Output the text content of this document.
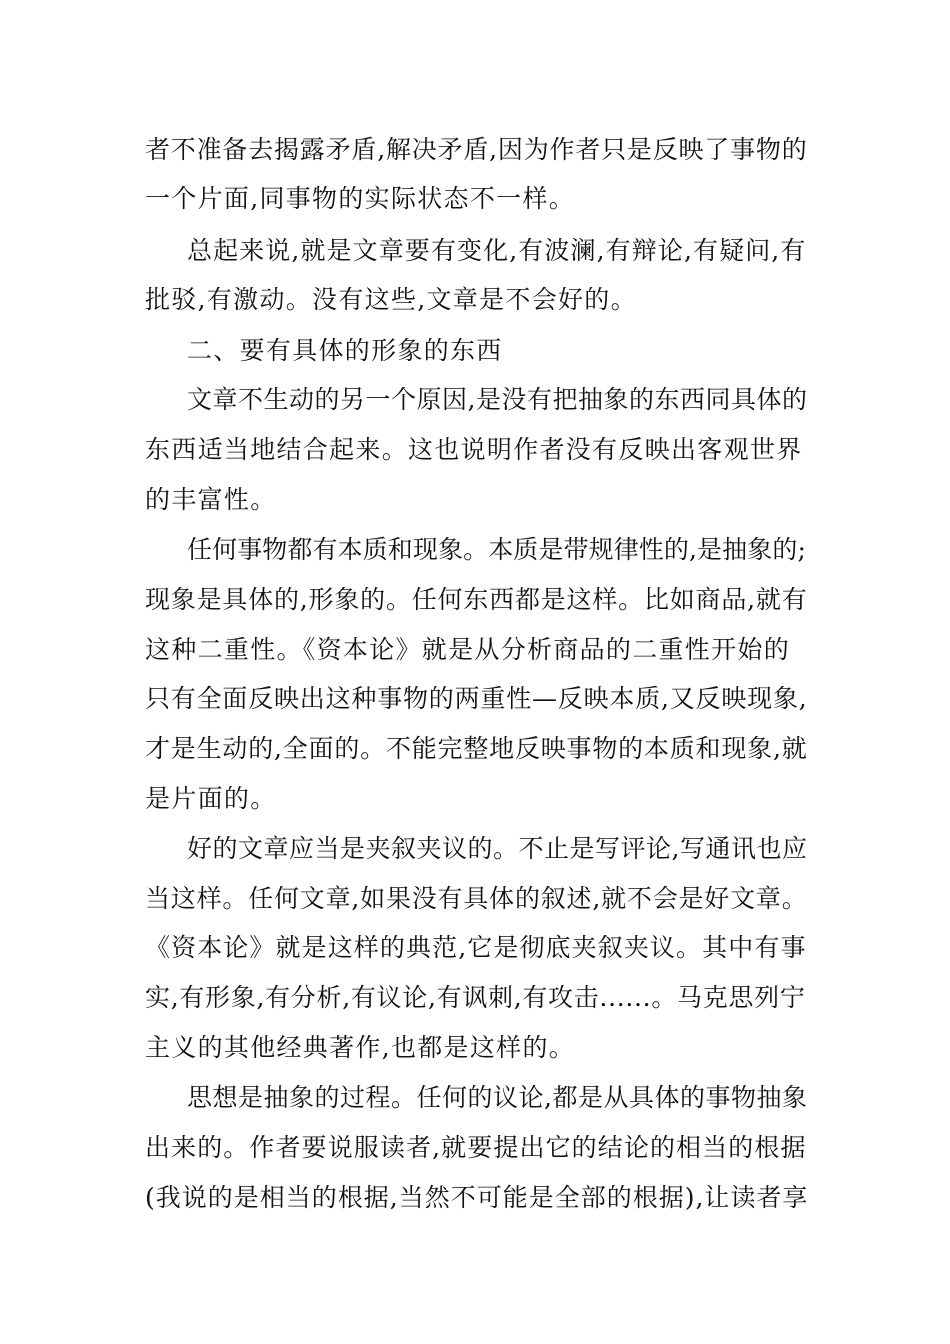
者不准备去揭露矛盾,解决矛盾,因为作者只是反映了事物的
一个片面,同事物的实际状态不一样。
总起来说,就是文章要有变化,有波澜,有辩论,有疑问,有
批驳,有激动。没有这些,文章是不会好的。
二、要有具体的形象的东西
文章不生动的另一个原因,是没有把抽象的东西同具体的
东西适当地结合起来。这也说明作者没有反映出客观世界
的丰富性。
任何事物都有本质和现象。本质是带规律性的,是抽象的;
现象是具体的,形象的。任何东西都是这样。比如商品,就有
这种二重性。《资本论》就是从分析商品的二重性开始的
只有全面反映出这种事物的两重性—反映本质,又反映现象,
才是生动的,全面的。不能完整地反映事物的本质和现象,就
是片面的。
好的文章应当是夹叙夹议的。不止是写评论,写通讯也应
当这样。任何文章,如果没有具体的叙述,就不会是好文章。
《资本论》就是这样的典范,它是彻底夹叙夹议。其中有事
实,有形象,有分析,有议论,有讽刺,有攻击......。马克思列宁
主义的其他经典著作,也都是这样的。
思想是抽象的过程。任何的议论,都是从具体的事物抽象
出来的。作者要说服读者,就要提出它的结论的相当的根据
(我说的是相当的根据,当然不可能是全部的根据),让读者享
